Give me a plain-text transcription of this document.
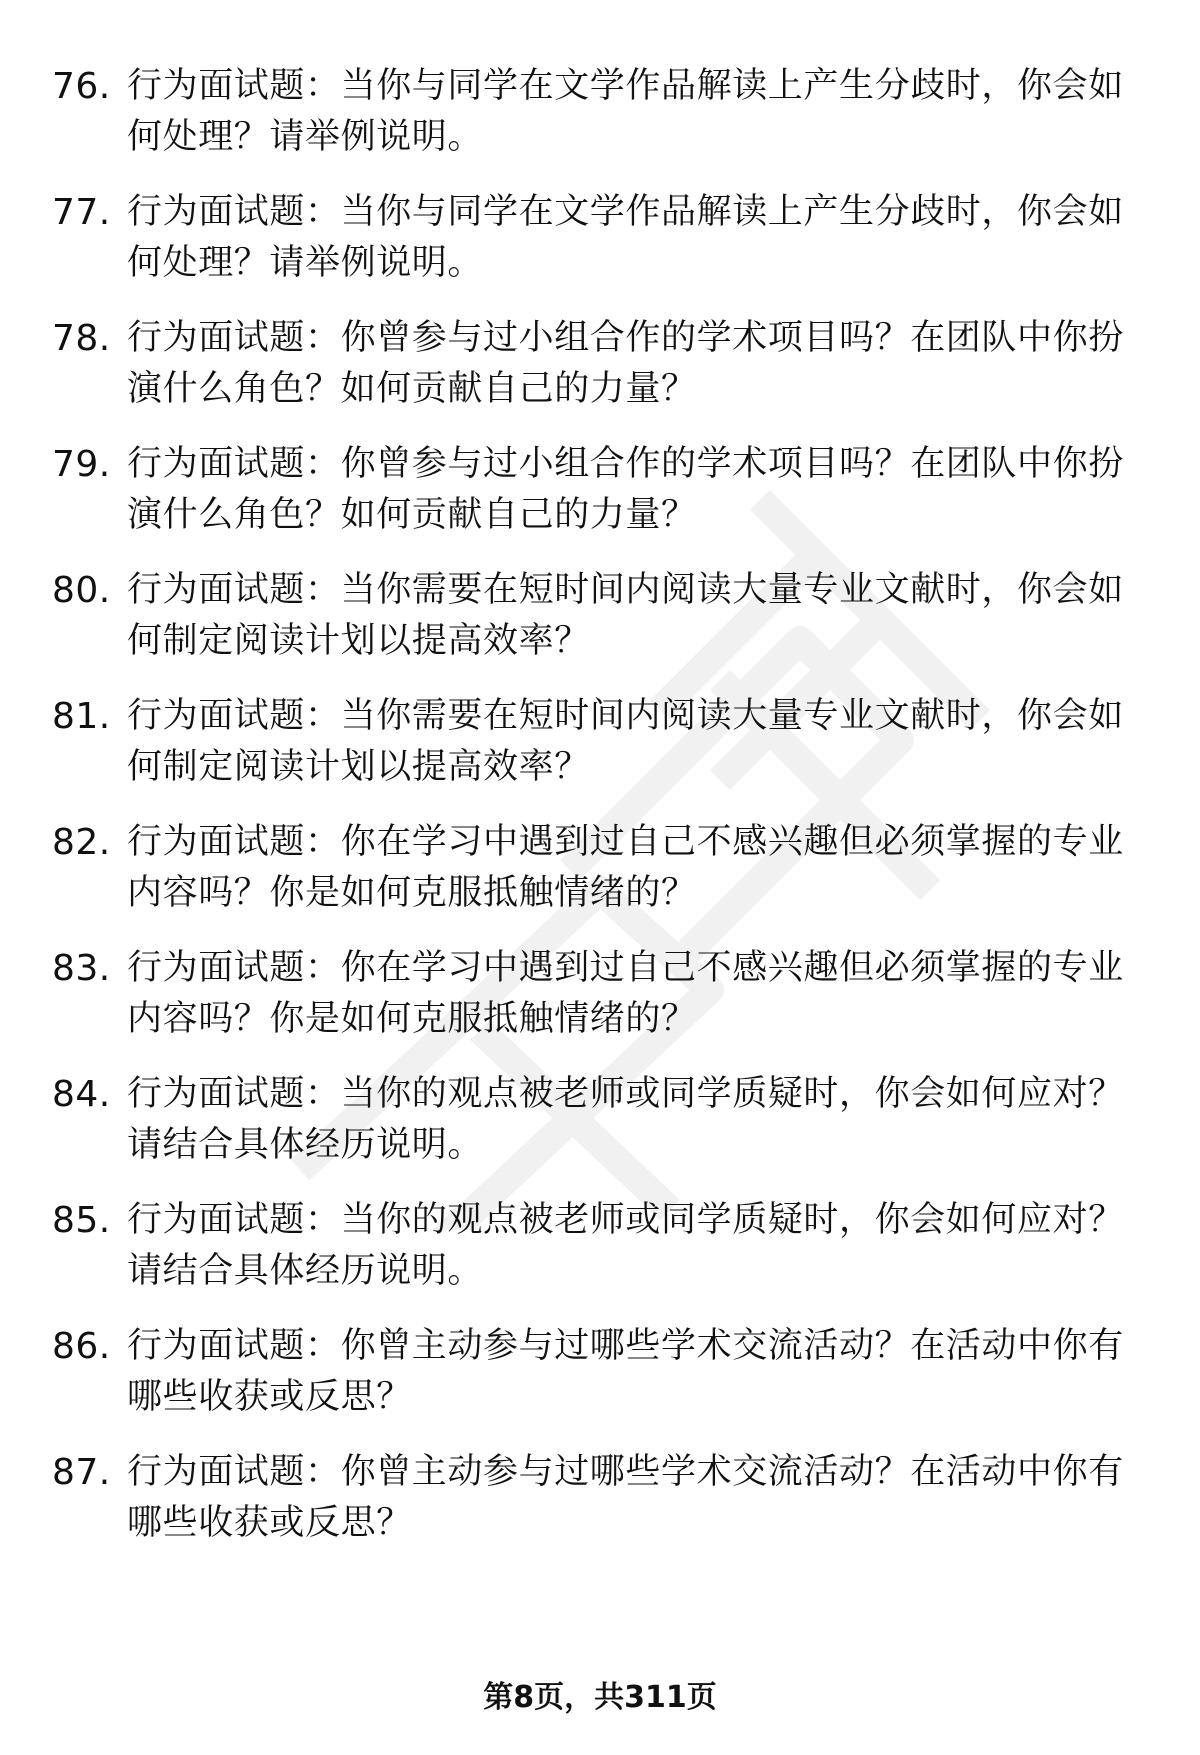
76. 行为面试题：当你与同学在文学作品解读上产生分歧时，你会如何处理？请举例说明。
77. 行为面试题：当你与同学在文学作品解读上产生分歧时，你会如何处理？请举例说明。
78. 行为面试题：你曾参与过小组合作的学术项目吗？在团队中你扮演什么角色？如何贡献自己的力量？
79. 行为面试题：你曾参与过小组合作的学术项目吗？在团队中你扮演什么角色？如何贡献自己的力量？
80. 行为面试题：当你需要在短时间内阅读大量专业文献时，你会如何制定阅读计划以提高效率？
81. 行为面试题：当你需要在短时间内阅读大量专业文献时，你会如何制定阅读计划以提高效率？
82. 行为面试题：你在学习中遇到过自己不感兴趣但必须掌握的专业内容吗？你是如何克服抵触情绪的？
83. 行为面试题：你在学习中遇到过自己不感兴趣但必须掌握的专业内容吗？你是如何克服抵触情绪的？
84. 行为面试题：当你的观点被老师或同学质疑时，你会如何应对？请结合具体经历说明。
85. 行为面试题：当你的观点被老师或同学质疑时，你会如何应对？请结合具体经历说明。
86. 行为面试题：你曾主动参与过哪些学术交流活动？在活动中你有哪些收获或反思？
87. 行为面试题：你曾主动参与过哪些学术交流活动？在活动中你有哪些收获或反思？
第8页，共311页
